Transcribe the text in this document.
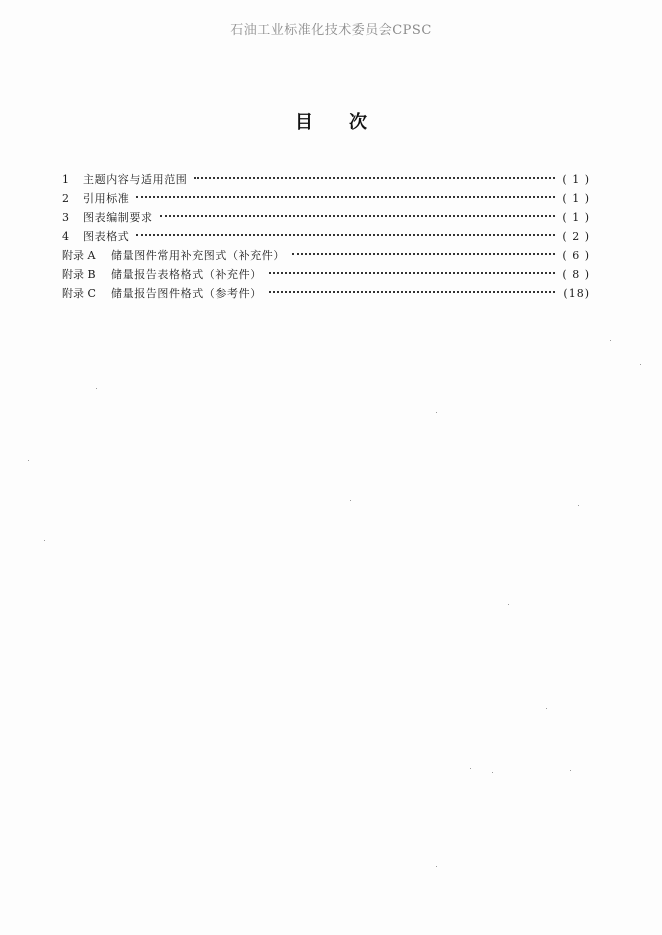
石油工业标准化技术委员会CPSC
目 次
1	主题内容与适用范围	( 1 )
2	引用标准	( 1 )
3	图表编制要求	( 1 )
4	图表格式	( 2 )
附录 A	储量图件常用补充图式（补充件）	( 6 )
附录 B	储量报告表格格式（补充件）	( 8 )
附录 C	储量报告图件格式（参考件）	(18)
